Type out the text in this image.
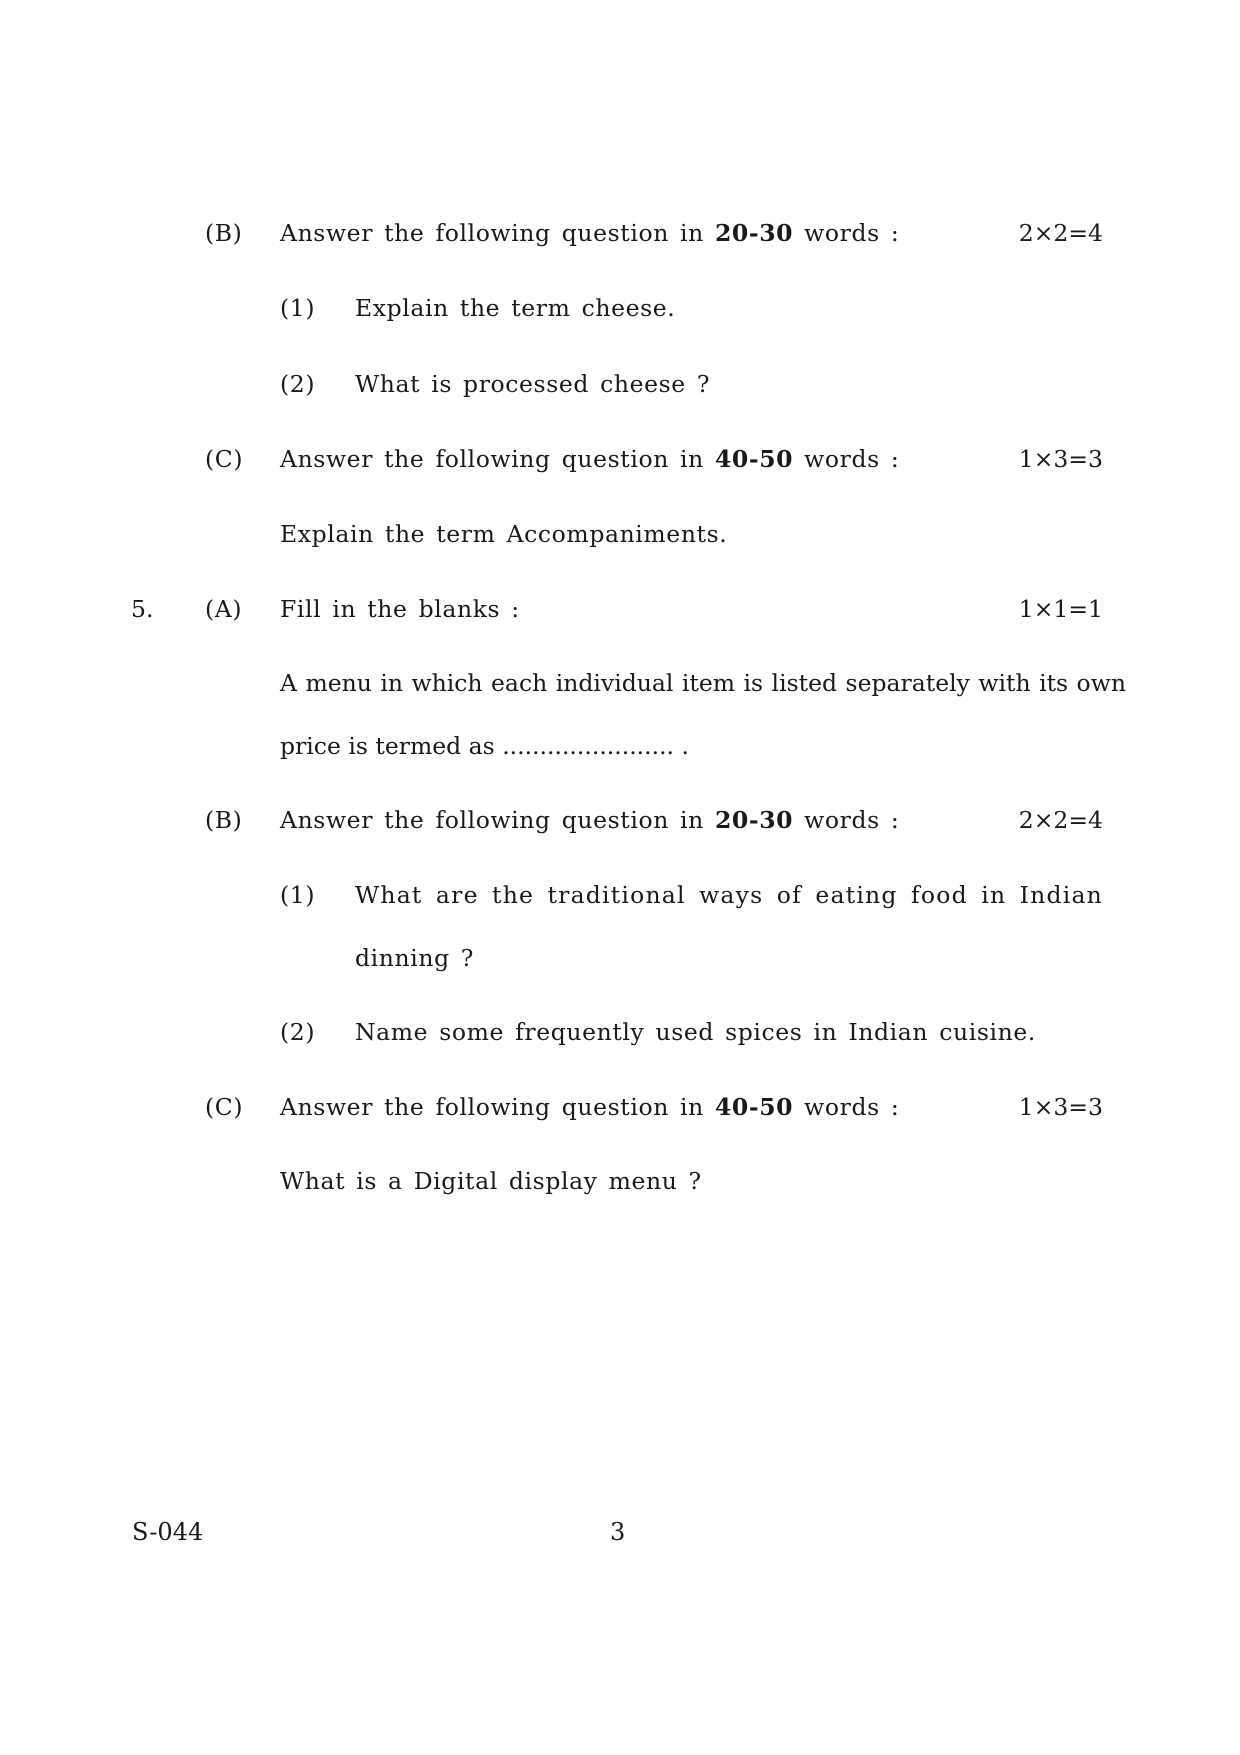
(B) Answer the following question in 20-30 words :	2×2=4
(1) Explain the term cheese.
(2) What is processed cheese ?
(C) Answer the following question in 40-50 words :	1×3=3
Explain the term Accompaniments.
5. (A) Fill in the blanks :	1×1=1
A menu in which each individual item is listed separately with its own
price is termed as ....................... .
(B) Answer the following question in 20-30 words :	2×2=4
(1) What are the traditional ways of eating food in Indian
dinning ?
(2) Name some frequently used spices in Indian cuisine.
(C) Answer the following question in 40-50 words :	1×3=3
What is a Digital display menu ?
S-044	3
